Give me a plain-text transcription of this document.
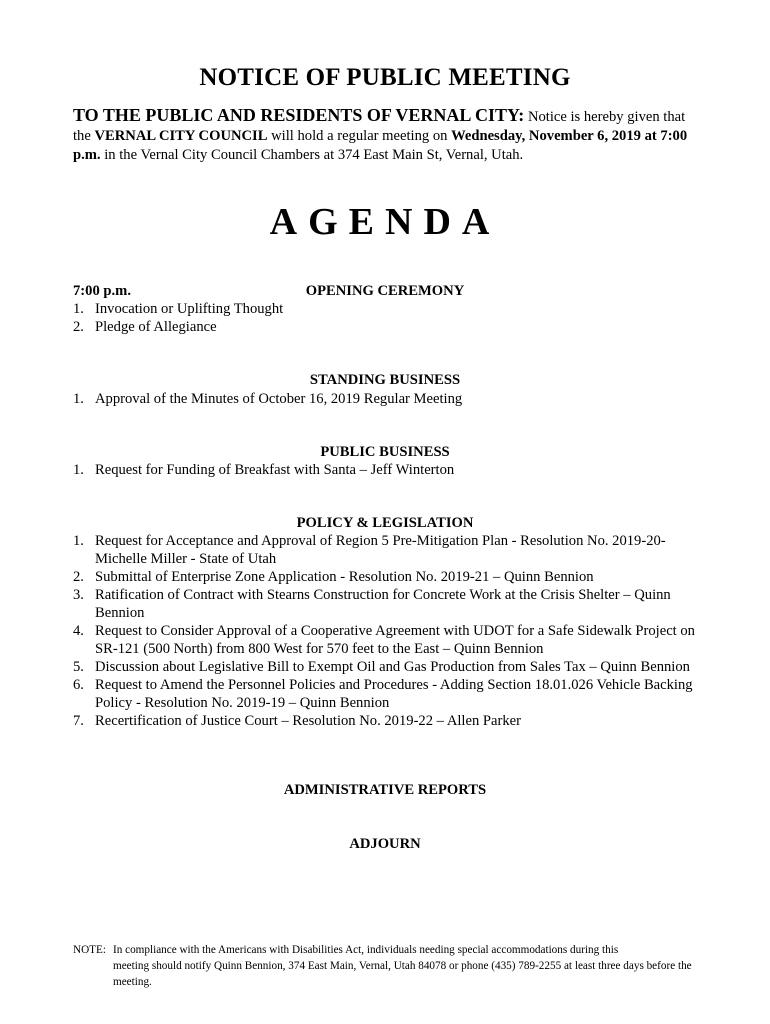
NOTICE OF PUBLIC MEETING
TO THE PUBLIC AND RESIDENTS OF VERNAL CITY: Notice is hereby given that the VERNAL CITY COUNCIL will hold a regular meeting on Wednesday, November 6, 2019 at 7:00 p.m. in the Vernal City Council Chambers at 374 East Main St, Vernal, Utah.
AGENDA
7:00 p.m.	OPENING CEREMONY
1. Invocation or Uplifting Thought
2. Pledge of Allegiance
STANDING BUSINESS
1. Approval of the Minutes of October 16, 2019 Regular Meeting
PUBLIC BUSINESS
1. Request for Funding of Breakfast with Santa – Jeff Winterton
POLICY & LEGISLATION
1. Request for Acceptance and Approval of Region 5 Pre-Mitigation Plan - Resolution No. 2019-20- Michelle Miller - State of Utah
2. Submittal of Enterprise Zone Application - Resolution No. 2019-21 – Quinn Bennion
3. Ratification of Contract with Stearns Construction for Concrete Work at the Crisis Shelter – Quinn Bennion
4. Request to Consider Approval of a Cooperative Agreement with UDOT for a Safe Sidewalk Project on SR-121 (500 North) from 800 West for 570 feet to the East – Quinn Bennion
5. Discussion about Legislative Bill to Exempt Oil and Gas Production from Sales Tax – Quinn Bennion
6. Request to Amend the Personnel Policies and Procedures - Adding Section 18.01.026 Vehicle Backing Policy - Resolution No. 2019-19 – Quinn Bennion
7. Recertification of Justice Court – Resolution No. 2019-22 – Allen Parker
ADMINISTRATIVE REPORTS
ADJOURN
NOTE: In compliance with the Americans with Disabilities Act, individuals needing special accommodations during this
meeting should notify Quinn Bennion, 374 East Main, Vernal, Utah 84078 or phone (435) 789-2255 at least three days before the meeting.
